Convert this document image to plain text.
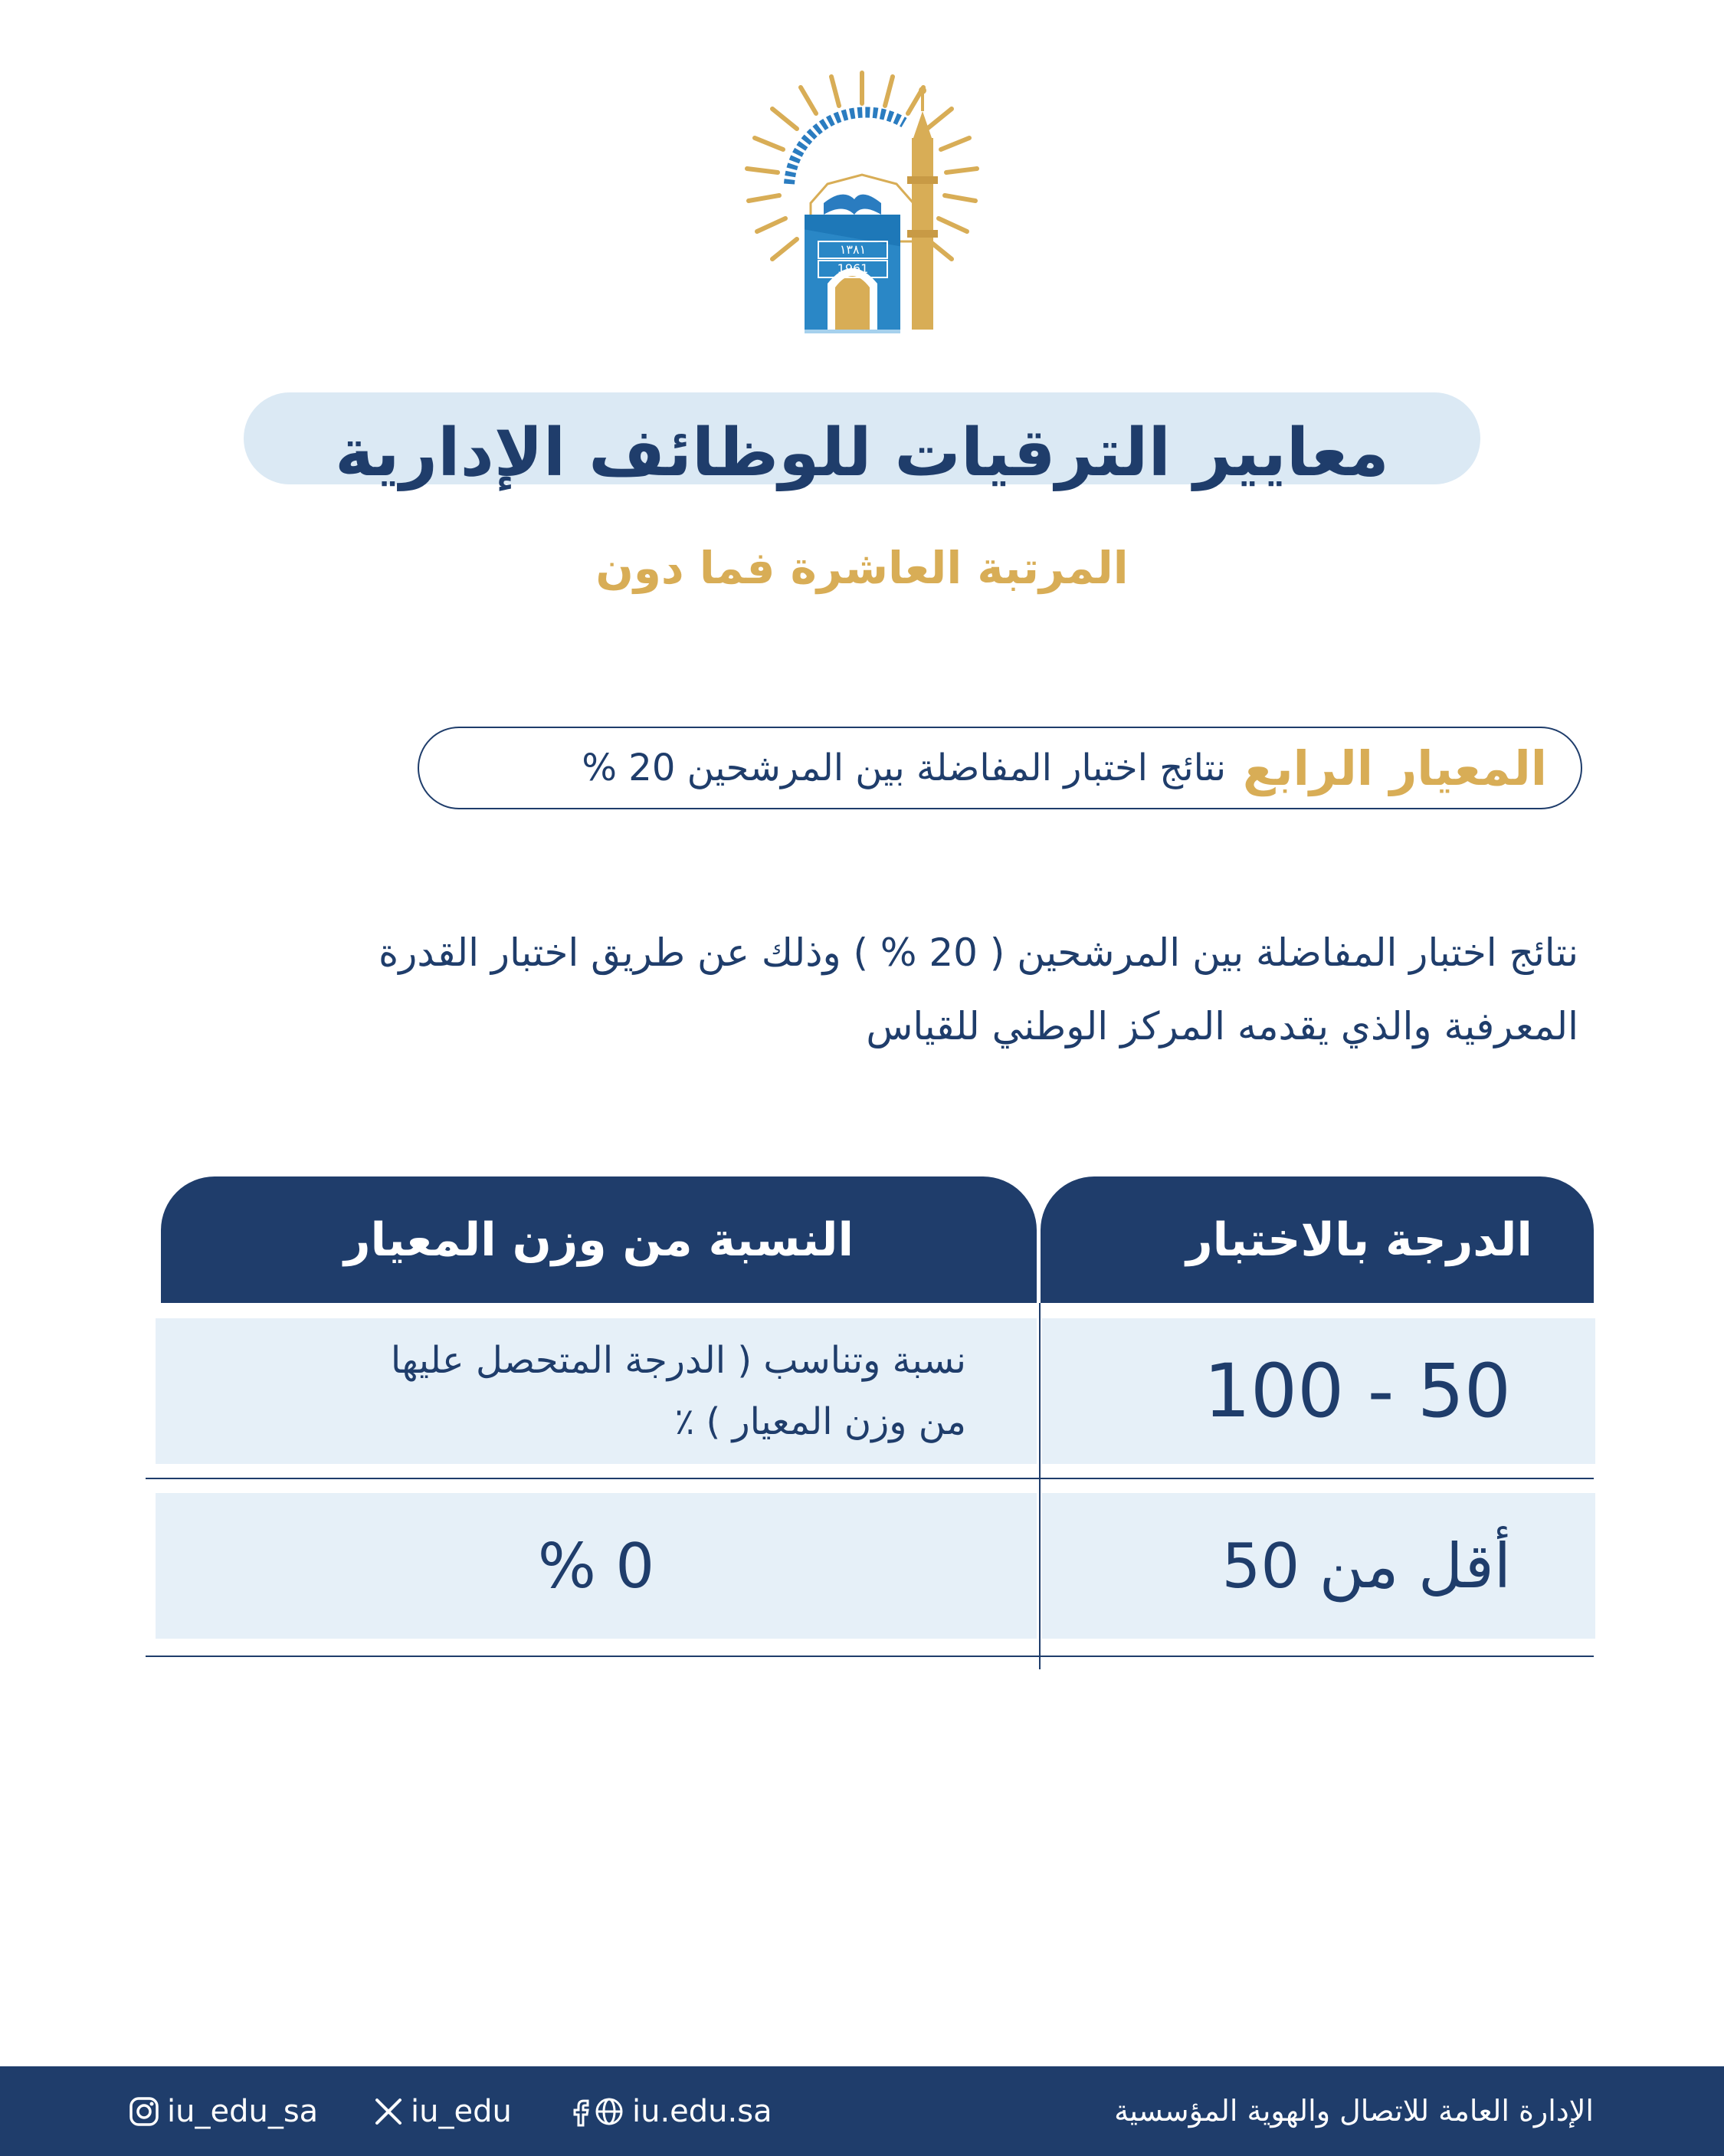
١٣٨١
1961
معايير الترقيات للوظائف الإدارية
المرتبة العاشرة فما دون
المعيار الرابع
نتائج اختبار المفاضلة بين المرشحين 20 %
نتائج اختبار المفاضلة بين المرشحين ( 20 % ) وذلك عن طريق اختبار القدرة
المعرفية والذي يقدمه المركز الوطني للقياس
الدرجة بالاختبار
النسبة من وزن المعيار
50 - 100
نسبة وتناسب ( الدرجة المتحصل عليها
من وزن المعيار ) ٪
أقل من 50
0 %
الإدارة العامة للاتصال والهوية المؤسسية
iu_edu_sa	iu_edu	iu.edu.sa
